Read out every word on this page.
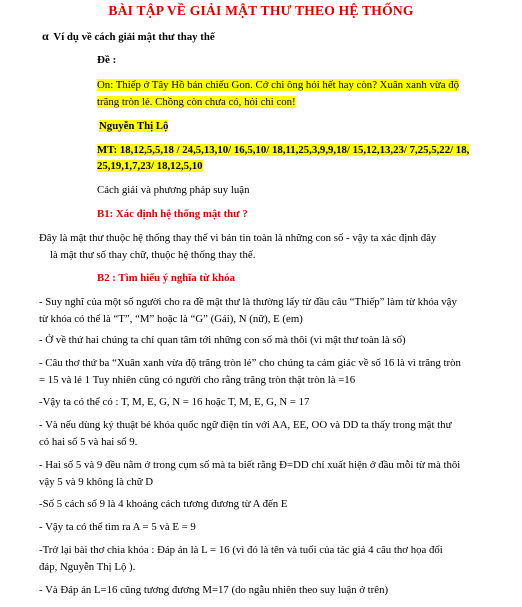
BÀI TẬP VỀ GIẢI MẬT THƯ THEO HỆ THỐNG
α Ví dụ về cách giải mật thư thay thế
Đề :
On: Thiếp ở Tây Hồ bán chiếu Gon. Cớ chi ông hỏi hết hay còn? Xuân xanh vừa độ
trăng tròn lẻ. Chồng còn chưa có, hỏi chi con!
Nguyễn Thị Lộ
MT: 18,12,5,5,18 / 24,5,13,10/ 16,5,10/ 18,11,25,3,9,9,18/ 15,12,13,23/ 7,25,5,22/ 18,
25,19,1,7,23/ 18,12,5,10
Cách giải và phương pháp suy luận
B1: Xác định hệ thống mật thư ?
Đây là mật thư thuộc hệ thống thay thế vì bản tin toàn là những con số - vậy ta xác định đây
là mật thư số thay chữ, thuộc hệ thống thay thế.
B2 : Tìm hiểu ý nghĩa từ khóa
- Suy nghĩ của một số người cho ra đề mật thư là thường lấy từ đầu câu “Thiếp” làm từ khóa vậy
từ khóa có thể là “T”, “M” hoặc là “G” (Gái), N (nữ), E (em)
- Ở về thứ hai chúng ta chỉ quan tâm tới những con số mà thôi (vì mật thư toàn là số)
- Câu thơ thứ ba “Xuân xanh vừa độ trăng tròn lẻ” cho chúng ta cảm giác về số 16 là vì trăng tròn
= 15 và lẻ 1 Tuy nhiên cũng có người cho rằng trăng tròn thật tròn là =16
-Vậy ta có thể có : T, M, E, G, N = 16 hoặc T, M, E, G, N = 17
- Và nếu dùng ký thuật bẻ khóa quốc ngữ điện tín với AA, EE, OO và DD ta thấy trong mật thư
có hai số 5 và hai số 9.
- Hai số 5 và 9 đều nằm ở trong cụm số mà ta biết rằng Đ=DD chỉ xuất hiện ở đầu mỗi từ mà thôi
vậy 5 và 9 không là chữ D
-Số 5 cách số 9 là 4 khoảng cách tương đương từ A đến E
- Vậy ta có thể tìm ra A = 5 và E = 9
-Trở lại bài thơ chìa khóa : Đáp án là L = 16 (vì đó là tên và tuổi của tác giả 4 câu thơ họa đối
đáp, Nguyễn Thị Lộ ).
- Và Đáp án L=16 cũng tương đương M=17 (do ngẫu nhiên theo suy luận ở trên)
